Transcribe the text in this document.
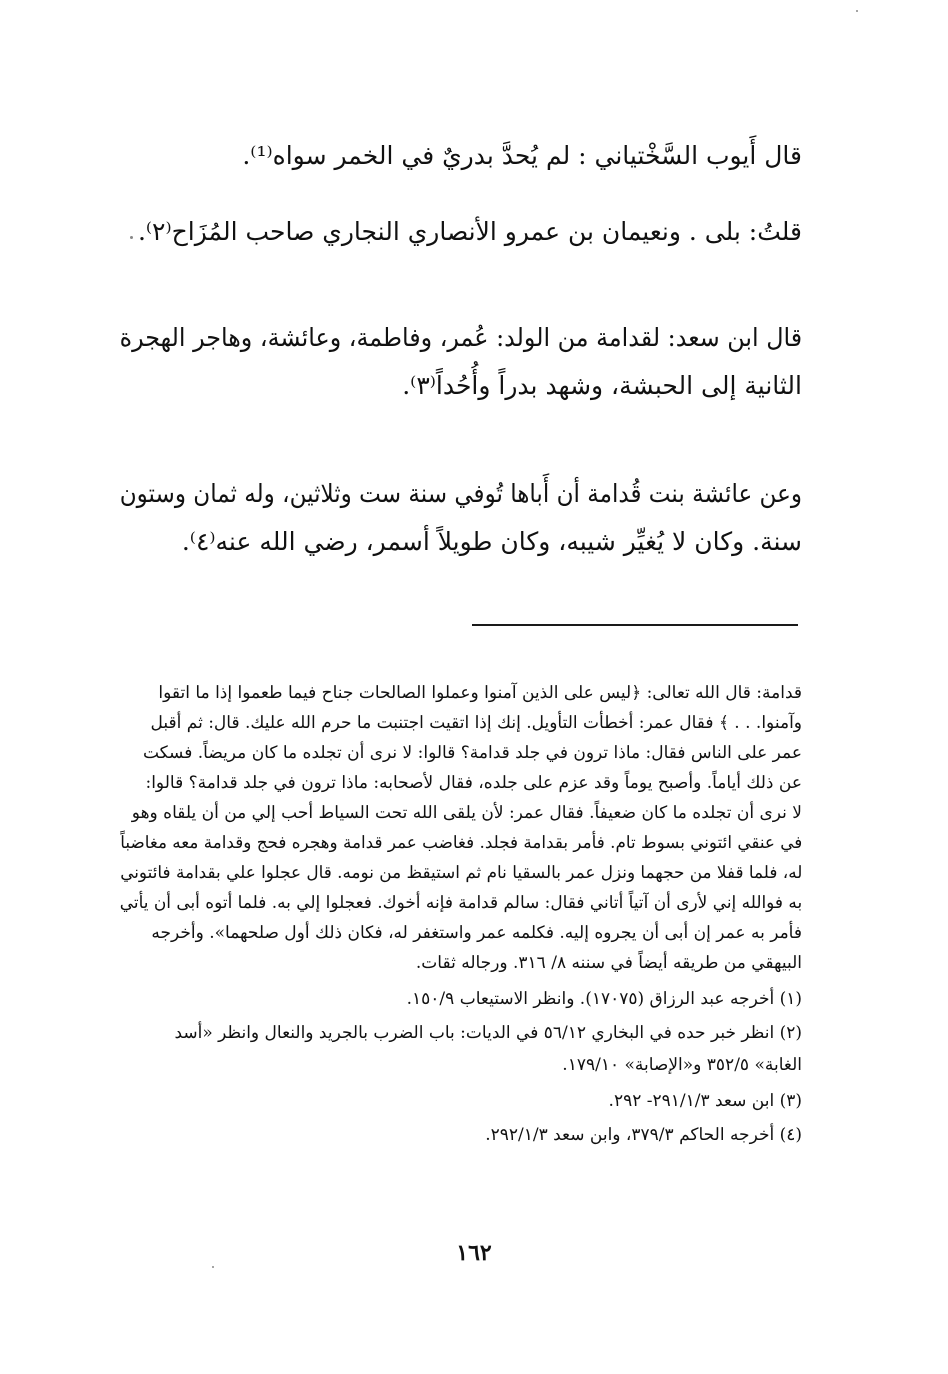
قال أَيوب السَّخْتياني : لم يُحدَّ بدريٌ في الخمر سواه⁽¹⁾.
قلتُ: بلى . ونعيمان بن عمرو الأنصاري النجاري صاحب المُزَاح⁽٢⁾.
قال ابن سعد: لقدامة من الولد: عُمر، وفاطمة، وعائشة، وهاجر الهجرة
الثانية إلى الحبشة، وشهد بدراً وأُحُداً⁽٣⁾.
وعن عائشة بنت قُدامة أن أَباها تُوفي سنة ست وثلاثين، وله ثمان وستون
سنة. وكان لا يُغيِّر شيبه، وكان طويلاً أسمر، رضي الله عنه⁽٤⁾.
قدامة: قال الله تعالى: ﴿ليس على الذين آمنوا وعملوا الصالحات جناح فيما طعموا إذا ما اتقوا
وآمنوا. . . ﴾ فقال عمر: أخطأت التأويل. إنك إذا اتقيت اجتنبت ما حرم الله عليك. قال: ثم أقبل
عمر على الناس فقال: ماذا ترون في جلد قدامة؟ قالوا: لا نرى أن تجلده ما كان مريضاً. فسكت
عن ذلك أياماً. وأصبح يوماً وقد عزم على جلده، فقال لأصحابه: ماذا ترون في جلد قدامة؟ قالوا:
لا نرى أن تجلده ما كان ضعيفاً. فقال عمر: لأن يلقى الله تحت السياط أحب إلي من أن يلقاه وهو
في عنقي ائتوني بسوط تام. فأمر بقدامة فجلد. فغاضب عمر قدامة وهجره فحج وقدامة معه مغاضباً
له، فلما قفلا من حجهما ونزل عمر بالسقيا نام ثم استيقظ من نومه. قال عجلوا علي بقدامة فائتوني
به فوالله إني لأرى أن آتياً أتاني فقال: سالم قدامة فإنه أخوك. فعجلوا إلي به. فلما أتوه أبى أن يأتي
فأمر به عمر إن أبى أن يجروه إليه. فكلمه عمر واستغفر له، فكان ذلك أول صلحهما». وأخرجه
البيهقي من طريقه أيضاً في سننه ٨/ ٣١٦. ورجاله ثقات.
(١) أخرجه عبد الرزاق (١٧٠٧٥). وانظر الاستيعاب ١٥٠/٩.
(٢) انظر خبر حده في البخاري ٥٦/١٢ في الديات: باب الضرب بالجريد والنعال وانظر «أسد
الغابة» ٣٥٢/٥ و«الإصابة» ١٧٩/١٠.
(٣) ابن سعد ٢٩١/١/٣- ٢٩٢.
(٤) أخرجه الحاكم ٣٧٩/٣، وابن سعد ٢٩٢/١/٣.
١٦٢
